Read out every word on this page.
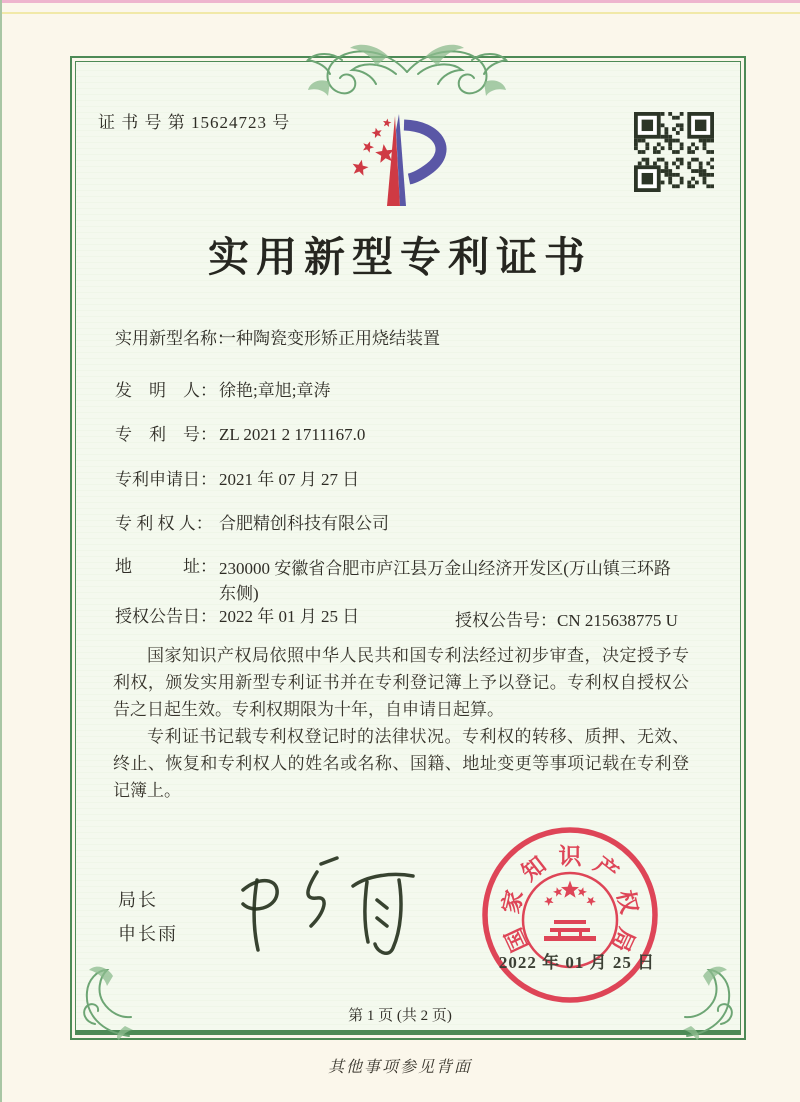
证 书 号 第 15624723 号
实用新型专利证书
实用新型名称：一种陶瓷变形矫正用烧结装置
发　明　人： 徐艳;章旭;章涛
专　利　号： ZL 2021 2 1711167.0
专利申请日： 2021 年 07 月 27 日
专 利 权 人： 合肥精创科技有限公司
地　　　址： 230000 安徽省合肥市庐江县万金山经济开发区(万山镇三环路东侧)
授权公告日： 2022 年 01 月 25 日	授权公告号：CN 215638775 U

国家知识产权局依照中华人民共和国专利法经过初步审查，决定授予专利权，颁发实用新型专利证书并在专利登记簿上予以登记。专利权自授权公告之日起生效。专利权期限为十年，自申请日起算。

专利证书记载专利权登记时的法律状况。专利权的转移、质押、无效、终止、恢复和专利权人的姓名或名称、国籍、地址变更等事项记载在专利登记簿上。

局长
申长雨	国
家
知 识 产
权
局
2022 年 01 月 25 日
第 1 页 (共 2 页)
其他事项参见背面
